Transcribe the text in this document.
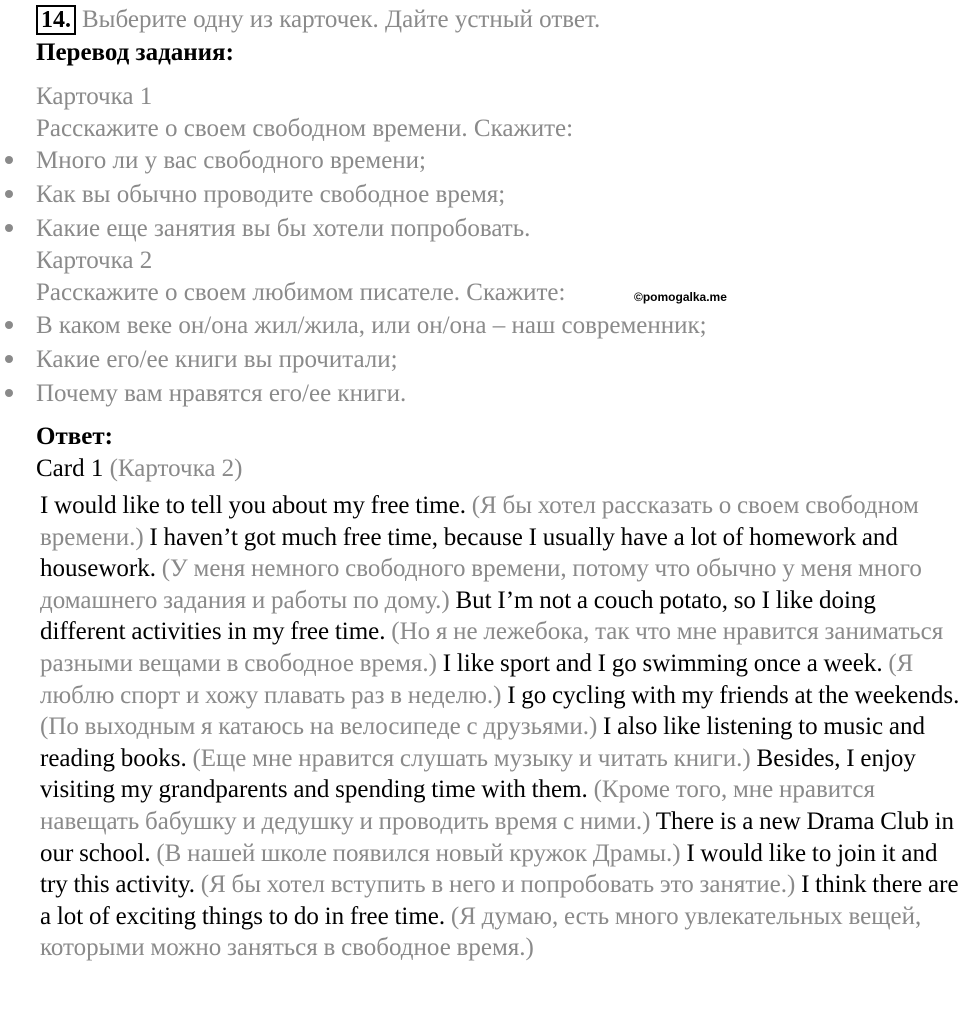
14. Выберите одну из карточек. Дайте устный ответ.
Перевод задания:
Карточка 1
Расскажите о своем свободном времени. Скажите:
Много ли у вас свободного времени;
Как вы обычно проводите свободное время;
Какие еще занятия вы бы хотели попробовать.
Карточка 2
Расскажите о своем любимом писателе. Скажите:	©pomogalka.me
В каком веке он/она жил/жила, или он/она – наш современник;
Какие его/ее книги вы прочитали;
Почему вам нравятся его/ее книги.
Ответ:
Card 1 (Карточка 2)
I would like to tell you about my free time. (Я бы хотел рассказать о своем свободном времени.) I haven’t got much free time, because I usually have a lot of homework and housework. (У меня немного свободного времени, потому что обычно у меня много домашнего задания и работы по дому.) But I’m not a couch potato, so I like doing different activities in my free time. (Но я не лежебока, так что мне нравится заниматься разными вещами в свободное время.) I like sport and I go swimming once a week. (Я люблю спорт и хожу плавать раз в неделю.) I go cycling with my friends at the weekends. (По выходным я катаюсь на велосипеде с друзьями.) I also like listening to music and reading books. (Еще мне нравится слушать музыку и читать книги.) Besides, I enjoy visiting my grandparents and spending time with them. (Кроме того, мне нравится навещать бабушку и дедушку и проводить время с ними.) There is a new Drama Club in our school. (В нашей школе появился новый кружок Драмы.) I would like to join it and try this activity. (Я бы хотел вступить в него и попробовать это занятие.) I think there are a lot of exciting things to do in free time. (Я думаю, есть много увлекательных вещей, которыми можно заняться в свободное время.)
